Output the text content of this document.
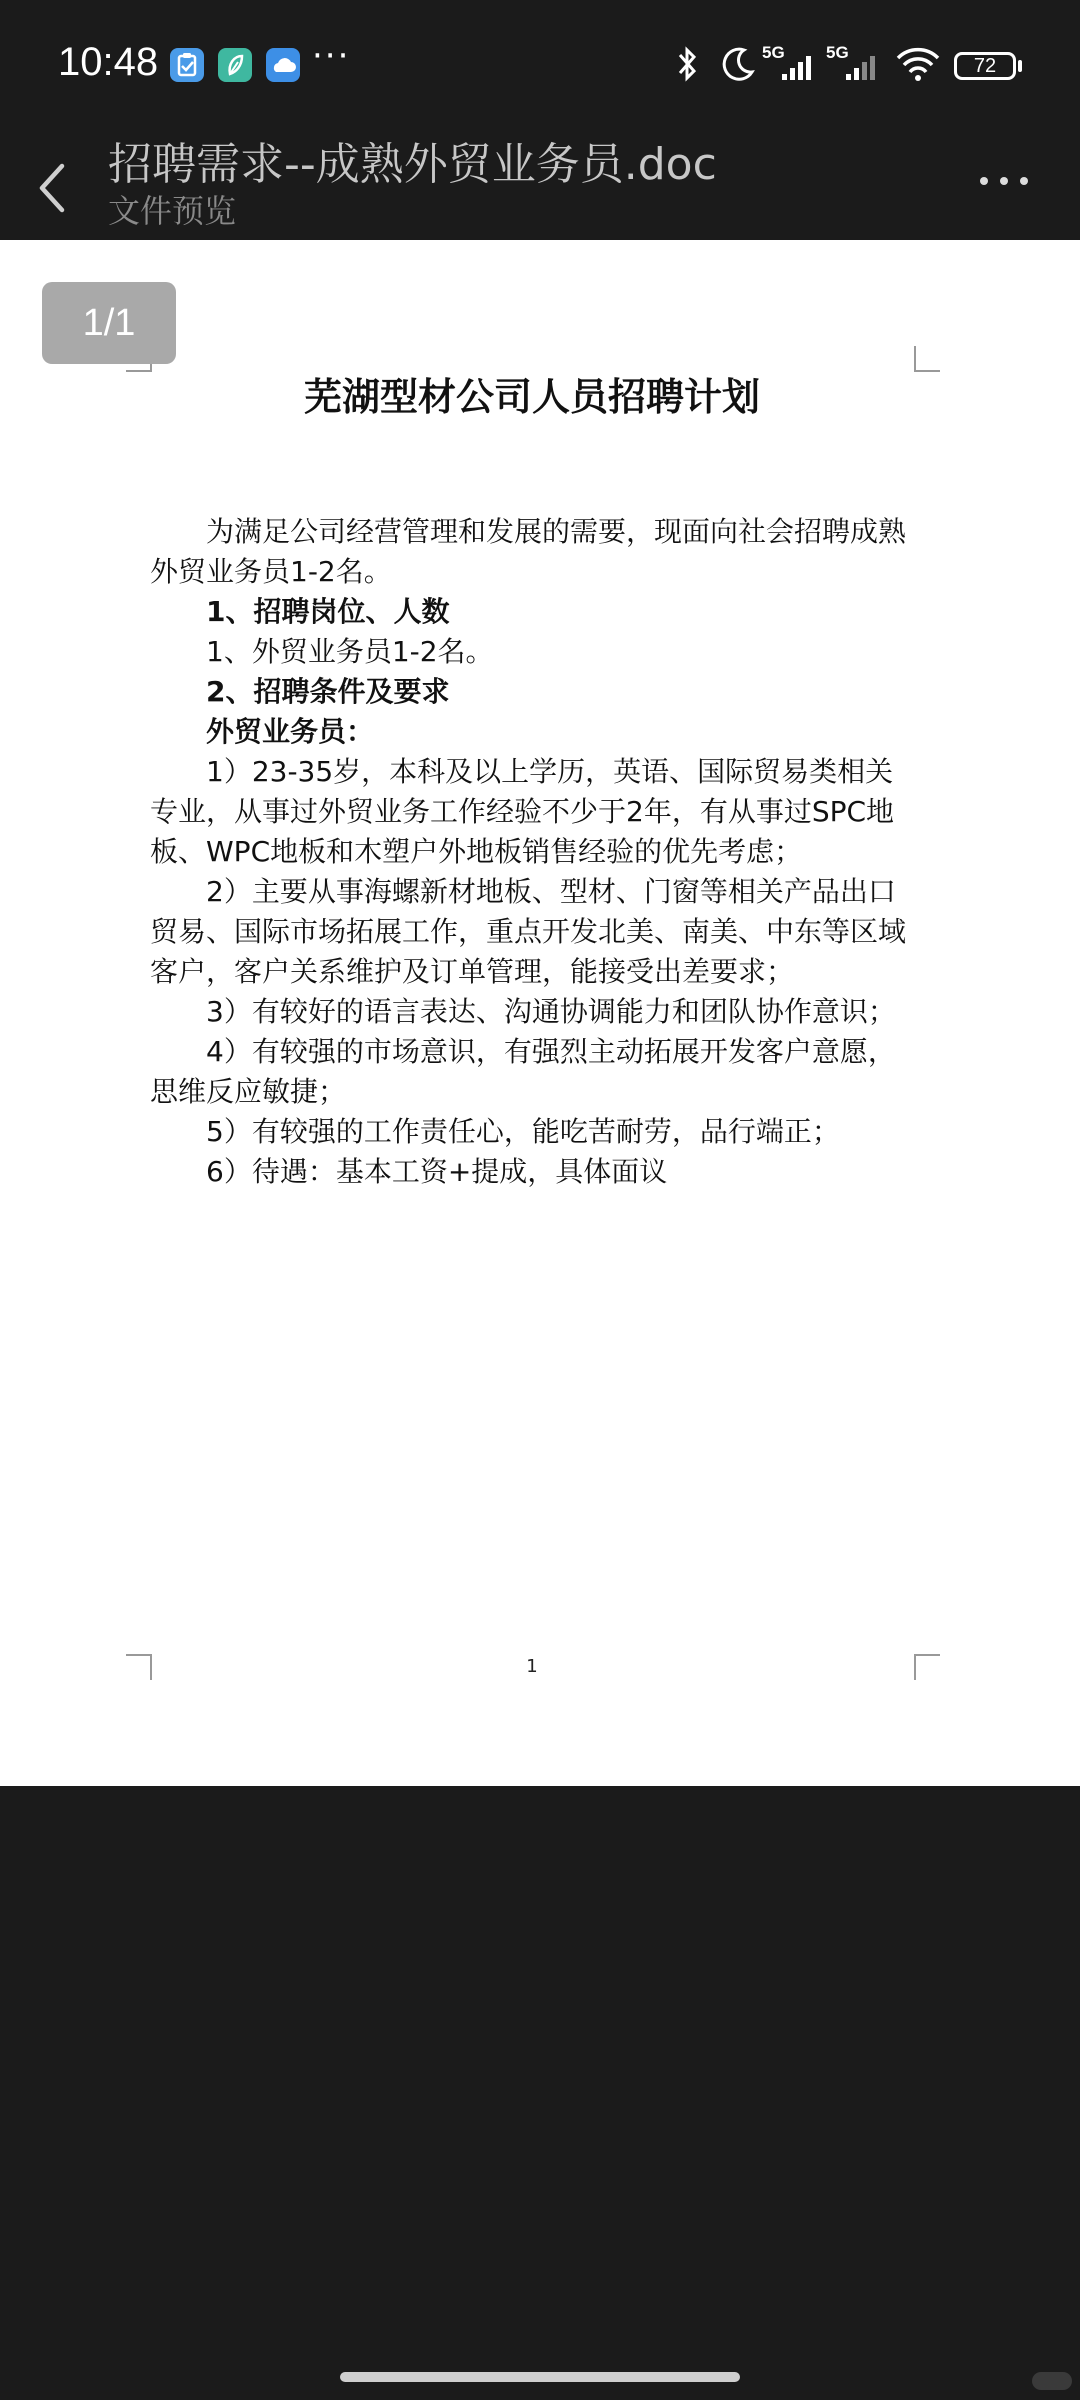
10:48	···	5G 5G
72
招聘需求--成熟外贸业务员.doc
文件预览
1/1
芜湖型材公司人员招聘计划

为满足公司经营管理和发展的需要，现面向社会招聘成熟外贸业务员1-2名。

1、招聘岗位、人数

1、外贸业务员1-2名。

2、招聘条件及要求

外贸业务员：

1）23-35岁，本科及以上学历，英语、国际贸易类相关专业，从事过外贸业务工作经验不少于2年，有从事过SPC地板、WPC地板和木塑户外地板销售经验的优先考虑；

2）主要从事海螺新材地板、型材、门窗等相关产品出口贸易、国际市场拓展工作，重点开发北美、南美、中东等区域客户，客户关系维护及订单管理，能接受出差要求；

3）有较好的语言表达、沟通协调能力和团队协作意识；

4）有较强的市场意识，有强烈主动拓展开发客户意愿，思维反应敏捷；

5）有较强的工作责任心，能吃苦耐劳，品行端正；

6）待遇：基本工资+提成，具体面议

1
